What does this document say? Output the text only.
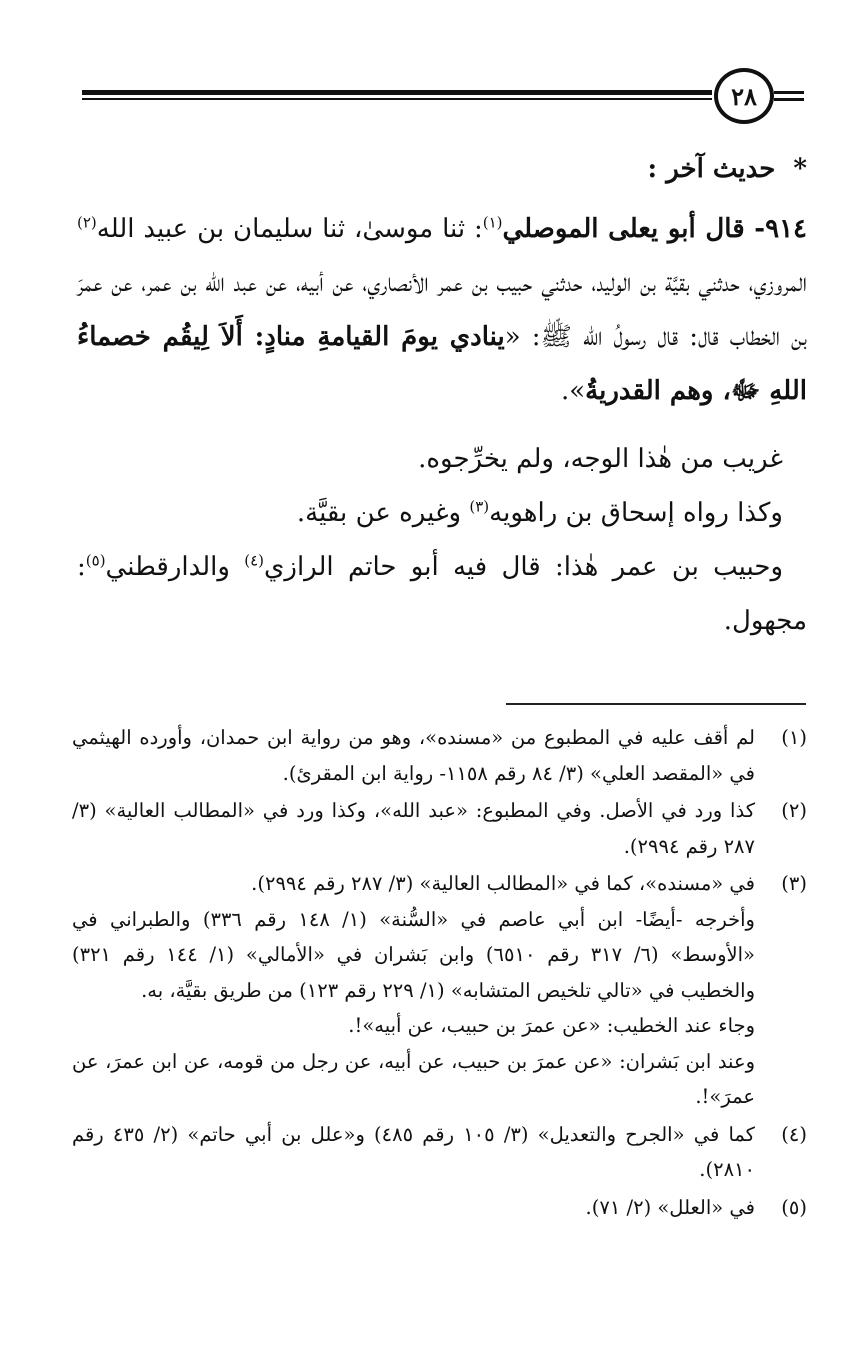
٢٨

*حديث آخر :

٩١٤- قال أبو يعلى الموصلي$^{(١)}$: ثنا موسىٰ، ثنا سليمان بن عبيد الله$^{(٢)}$ المروزي، حدثني بقيَّة بن الوليد، حدثني حبيب بن عمر الأنصاري، عن أبيه، عن عبد الله بن عمر، عن عمرَ بن الخطاب قال: قال رسولُ الله ﷺ: «ينادي يومَ القيامةِ منادٍ: أَلاَ لِيقُم خصماءُ اللهِ ﷻ، وهم القدريةُ».

غريب من هٰذا الوجه، ولم يخرِّجوه.

وكذا رواه إسحاق بن راهويه$^{(٣)}$ وغيره عن بقيَّة.

وحبيب بن عمر هٰذا: قال فيه أبو حاتم الرازي$^{(٤)}$ والدارقطني$^{(٥)}$: مجهول.

(١)
لم أقف عليه في المطبوع من «مسنده»، وهو من رواية ابن حمدان، وأورده الهيثمي في «المقصد العلي» (٣/ ٨٤ رقم ١١٥٨- رواية ابن المقرئ).
(٢)
كذا ورد في الأصل. وفي المطبوع: «عبد الله»، وكذا ورد في «المطالب العالية» (٣/ ٢٨٧ رقم ٢٩٩٤).
(٣)
في «مسنده»، كما في «المطالب العالية» (٣/ ٢٨٧ رقم ٢٩٩٤).
وأخرجه -أيضًا- ابن أبي عاصم في «السُّنة» (١/ ١٤٨ رقم ٣٣٦) والطبراني في «الأوسط» (٦/ ٣١٧ رقم ٦٥١٠) وابن بَشران في «الأمالي» (١/ ١٤٤ رقم ٣٢١) والخطيب في «تالي تلخيص المتشابه» (١/ ٢٢٩ رقم ١٢٣) من طريق بقيَّة، به.
وجاء عند الخطيب: «عن عمرَ بن حبيب، عن أبيه»!.
وعند ابن بَشران: «عن عمرَ بن حبيب، عن أبيه، عن رجل من قومه، عن ابن عمرَ، عن عمرَ»!.
(٤)
كما في «الجرح والتعديل» (٣/ ١٠٥ رقم ٤٨٥) و«علل بن أبي حاتم» (٢/ ٤٣٥ رقم ٢٨١٠).
(٥)
في «العلل» (٢/ ٧١).
